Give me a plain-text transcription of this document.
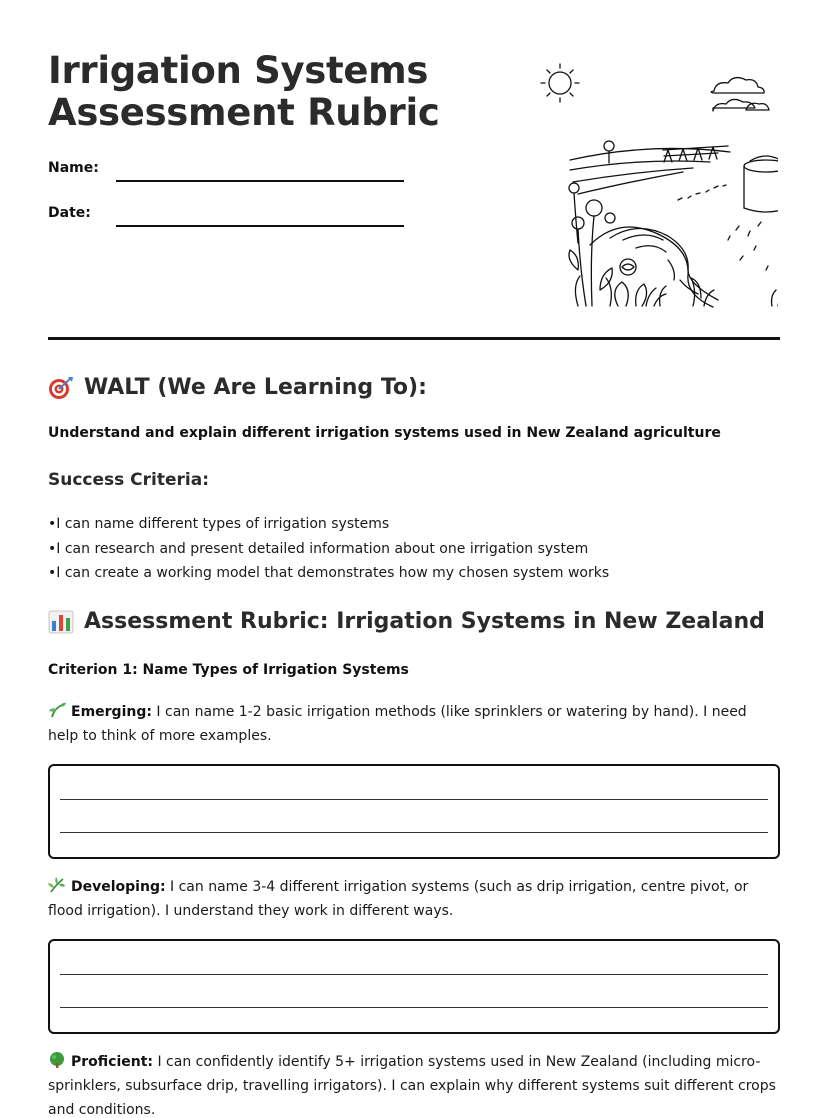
Irrigation Systems
Assessment Rubric
Name:
Date:
WALT (We Are Learning To):

Understand and explain different irrigation systems used in New Zealand agriculture

Success Criteria:
• I can name different types of irrigation systems
• I can research and present detailed information about one irrigation system
• I can create a working model that demonstrates how my chosen system works
Assessment Rubric: Irrigation Systems in New Zealand
Criterion 1: Name Types of Irrigation Systems

Emerging: I can name 1-2 basic irrigation methods (like sprinklers or watering by hand). I need help to think of more examples.

Developing: I can name 3-4 different irrigation systems (such as drip irrigation, centre pivot, or flood irrigation). I understand they work in different ways.

Proficient: I can confidently identify 5+ irrigation systems used in New Zealand (including micro-sprinklers, subsurface drip, travelling irrigators). I can explain why different systems suit different crops and conditions.
